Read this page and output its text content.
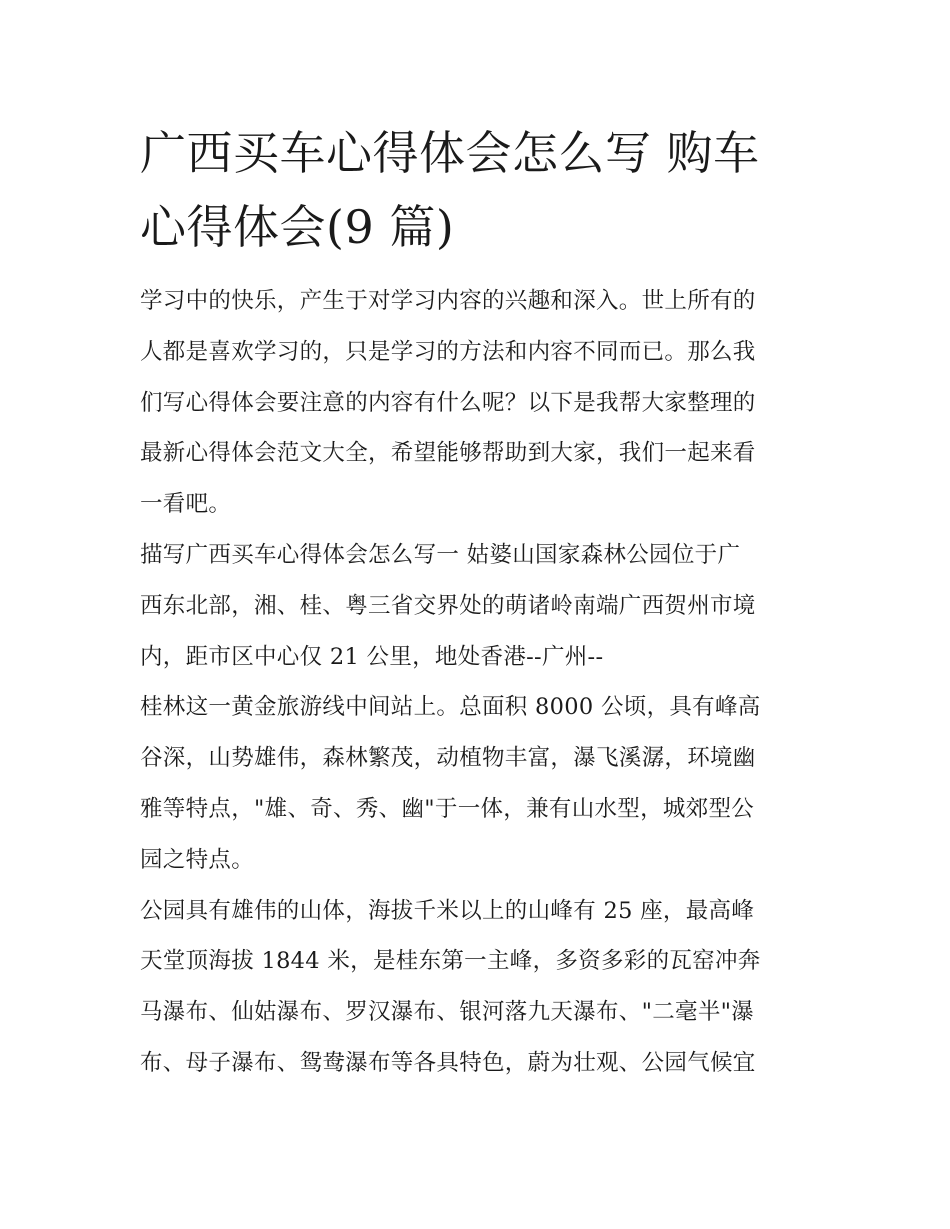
广西买车心得体会怎么写 购车
心得体会(9 篇)
学习中的快乐，产生于对学习内容的兴趣和深入。世上所有的
人都是喜欢学习的，只是学习的方法和内容不同而已。那么我
们写心得体会要注意的内容有什么呢？以下是我帮大家整理的
最新心得体会范文大全，希望能够帮助到大家，我们一起来看
一看吧。
描写广西买车心得体会怎么写一 姑婆山国家森林公园位于广
西东北部，湘、桂、粤三省交界处的萌诸岭南端广西贺州市境
内，距市区中心仅 21 公里，地处香港--广州--
桂林这一黄金旅游线中间站上。总面积 8000 公顷，具有峰高
谷深，山势雄伟，森林繁茂，动植物丰富，瀑飞溪潺，环境幽
雅等特点，"雄、奇、秀、幽"于一体，兼有山水型，城郊型公
园之特点。
公园具有雄伟的山体，海拔千米以上的山峰有 25 座，最高峰
天堂顶海拔 1844 米，是桂东第一主峰，多资多彩的瓦窑冲奔
马瀑布、仙姑瀑布、罗汉瀑布、银河落九天瀑布、"二毫半"瀑
布、母子瀑布、鸳鸯瀑布等各具特色，蔚为壮观、公园气候宜
